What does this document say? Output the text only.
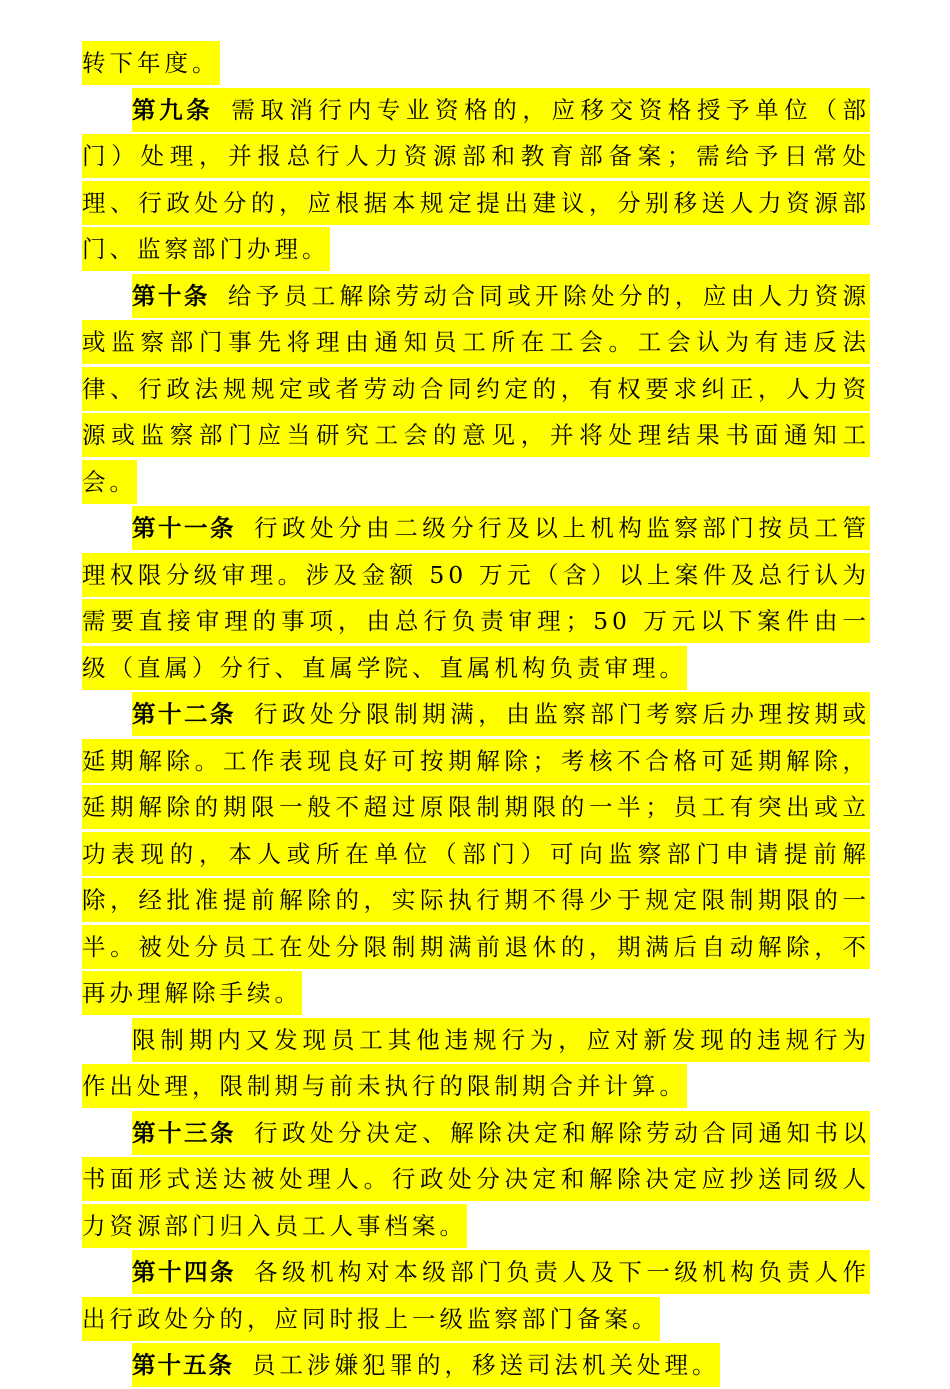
转下年度。

第九条 需取消行内专业资格的，应移交资格授予单位（部门）处理，并报总行人力资源部和教育部备案；需给予日常处理、行政处分的，应根据本规定提出建议，分别移送人力资源部门、监察部门办理。

第十条 给予员工解除劳动合同或开除处分的，应由人力资源或监察部门事先将理由通知员工所在工会。工会认为有违反法律、行政法规规定或者劳动合同约定的，有权要求纠正，人力资源或监察部门应当研究工会的意见，并将处理结果书面通知工会。

第十一条 行政处分由二级分行及以上机构监察部门按员工管理权限分级审理。涉及金额 50 万元（含）以上案件及总行认为需要直接审理的事项，由总行负责审理；50 万元以下案件由一级（直属）分行、直属学院、直属机构负责审理。

第十二条 行政处分限制期满，由监察部门考察后办理按期或延期解除。工作表现良好可按期解除；考核不合格可延期解除，延期解除的期限一般不超过原限制期限的一半；员工有突出或立功表现的，本人或所在单位（部门）可向监察部门申请提前解除，经批准提前解除的，实际执行期不得少于规定限制期限的一半。被处分员工在处分限制期满前退休的，期满后自动解除，不再办理解除手续。

限制期内又发现员工其他违规行为，应对新发现的违规行为作出处理，限制期与前未执行的限制期合并计算。

第十三条 行政处分决定、解除决定和解除劳动合同通知书以书面形式送达被处理人。行政处分决定和解除决定应抄送同级人力资源部门归入员工人事档案。

第十四条 各级机构对本级部门负责人及下一级机构负责人作出行政处分的，应同时报上一级监察部门备案。

第十五条 员工涉嫌犯罪的，移送司法机关处理。
